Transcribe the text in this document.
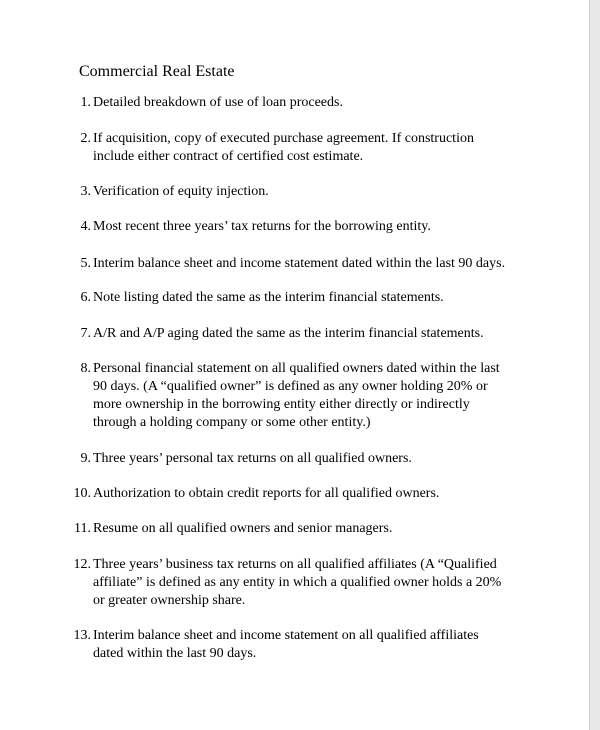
Commercial Real Estate
1. Detailed breakdown of use of loan proceeds.
2. If acquisition, copy of executed purchase agreement. If construction
include either contract of certified cost estimate.
3. Verification of equity injection.
4. Most recent three years’ tax returns for the borrowing entity.
5. Interim balance sheet and income statement dated within the last 90 days.
6. Note listing dated the same as the interim financial statements.
7. A/R and A/P aging dated the same as the interim financial statements.
8. Personal financial statement on all qualified owners dated within the last
90 days. (A “qualified owner” is defined as any owner holding 20% or
more ownership in the borrowing entity either directly or indirectly
through a holding company or some other entity.)
9. Three years’ personal tax returns on all qualified owners.
10. Authorization to obtain credit reports for all qualified owners.
11. Resume on all qualified owners and senior managers.
12. Three years’ business tax returns on all qualified affiliates (A “Qualified
affiliate” is defined as any entity in which a qualified owner holds a 20%
or greater ownership share.
13. Interim balance sheet and income statement on all qualified affiliates
dated within the last 90 days.
